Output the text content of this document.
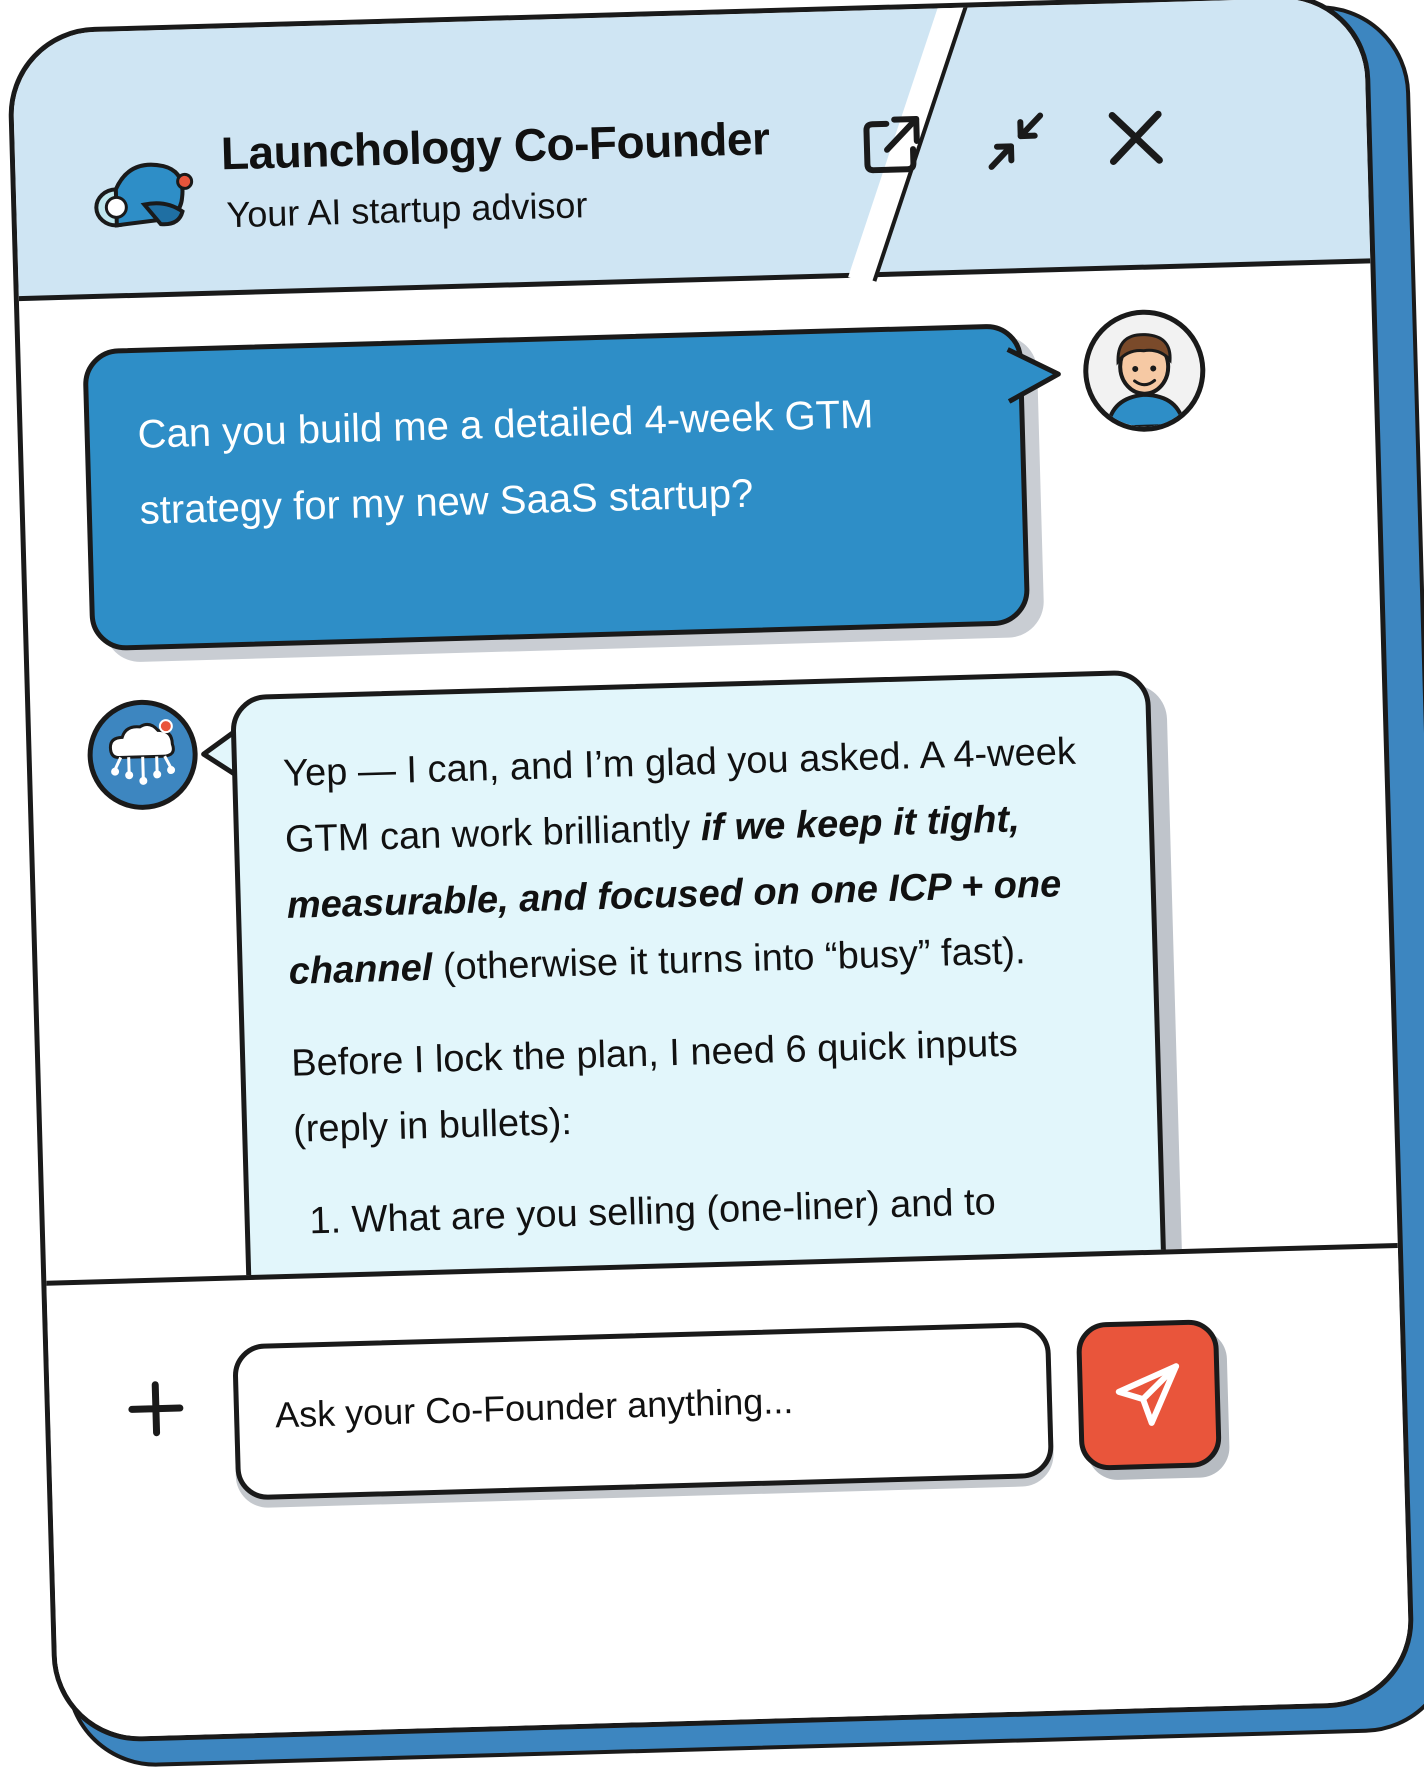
Launchology Co-Founder
Your AI startup advisor
Can you build me a detailed 4-week GTM strategy for my new SaaS startup?

Yep — I can, and I’m glad you asked. A 4-week GTM can work brilliantly if we keep it tight, measurable, and focused on one ICP + one channel (otherwise it turns into “busy” fast).

Before I lock the plan, I need 6 quick inputs (reply in bullets):

1. What are you selling (one-liner) and to
Ask your Co-Founder anything...
